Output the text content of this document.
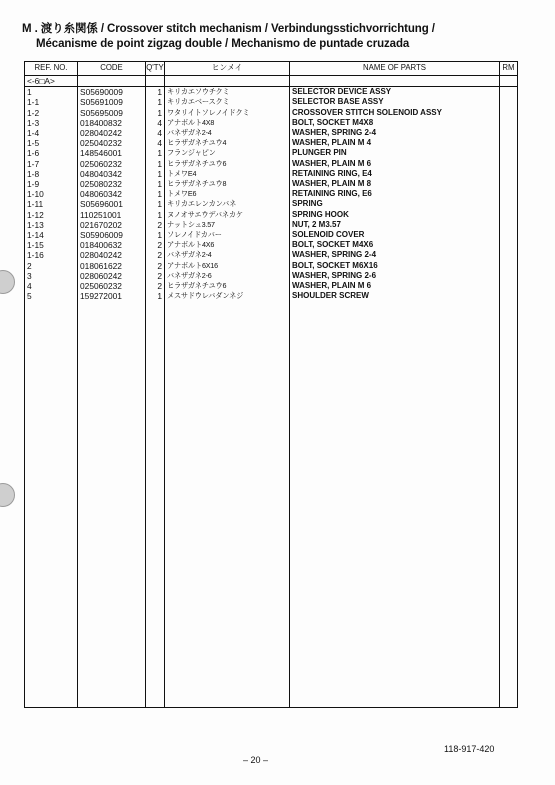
M . 渡り糸関係 / Crossover stitch mechanism / Verbindungsstichvorrichtung /
Mécanisme de point zigzag double / Mechanismo de puntade cruzada
REF. NO.	CODE	Q'TY	ヒンメイ	NAME OF PARTS	RM
<-6□A>					
1	S05690009	1	キリカエソウチクミ	SELECTOR DEVICE ASSY	
1-1	S05691009	1	キリカエベースクミ	SELECTOR BASE ASSY	
1-2	S05695009	1	ワタリイトソレノイドクミ	CROSSOVER STITCH SOLENOID ASSY	
1-3	018400832	4	アナボルト4X8	BOLT, SOCKET M4X8	
1-4	028040242	4	バネザガネ2-4	WASHER, SPRING 2-4	
1-5	025040232	4	ヒラザガネチユウ4	WASHER, PLAIN M 4	
1-6	148546001	1	フランジャピン	PLUNGER PIN	
1-7	025060232	1	ヒラザガネチユウ6	WASHER, PLAIN M 6	
1-8	048040342	1	トメワE4	RETAINING RING, E4	
1-9	025080232	1	ヒラザガネチユウ8	WASHER, PLAIN M 8	
1-10	048060342	1	トメワE6	RETAINING RING, E6	
1-11	S05696001	1	キリカエレンカンバネ	SPRING	
1-12	110251001	1	ヌノオサエウデバネカケ	SPRING HOOK	
1-13	021670202	2	ナットシュ3.57	NUT, 2 M3.57	
1-14	S05906009	1	ソレノイドカバー	SOLENOID COVER	
1-15	018400632	2	アナボルト4X6	BOLT, SOCKET M4X6	
1-16	028040242	2	バネザガネ2-4	WASHER, SPRING 2-4	
2	018061622	2	アナボルト6X16	BOLT, SOCKET M6X16	
3	028060242	2	バネザガネ2-6	WASHER, SPRING 2-6	
4	025060232	2	ヒラザガネチユウ6	WASHER, PLAIN M 6	
5	159272001	1	メスサドウレバダンネジ	SHOULDER SCREW	

118-917-420
– 20 –
